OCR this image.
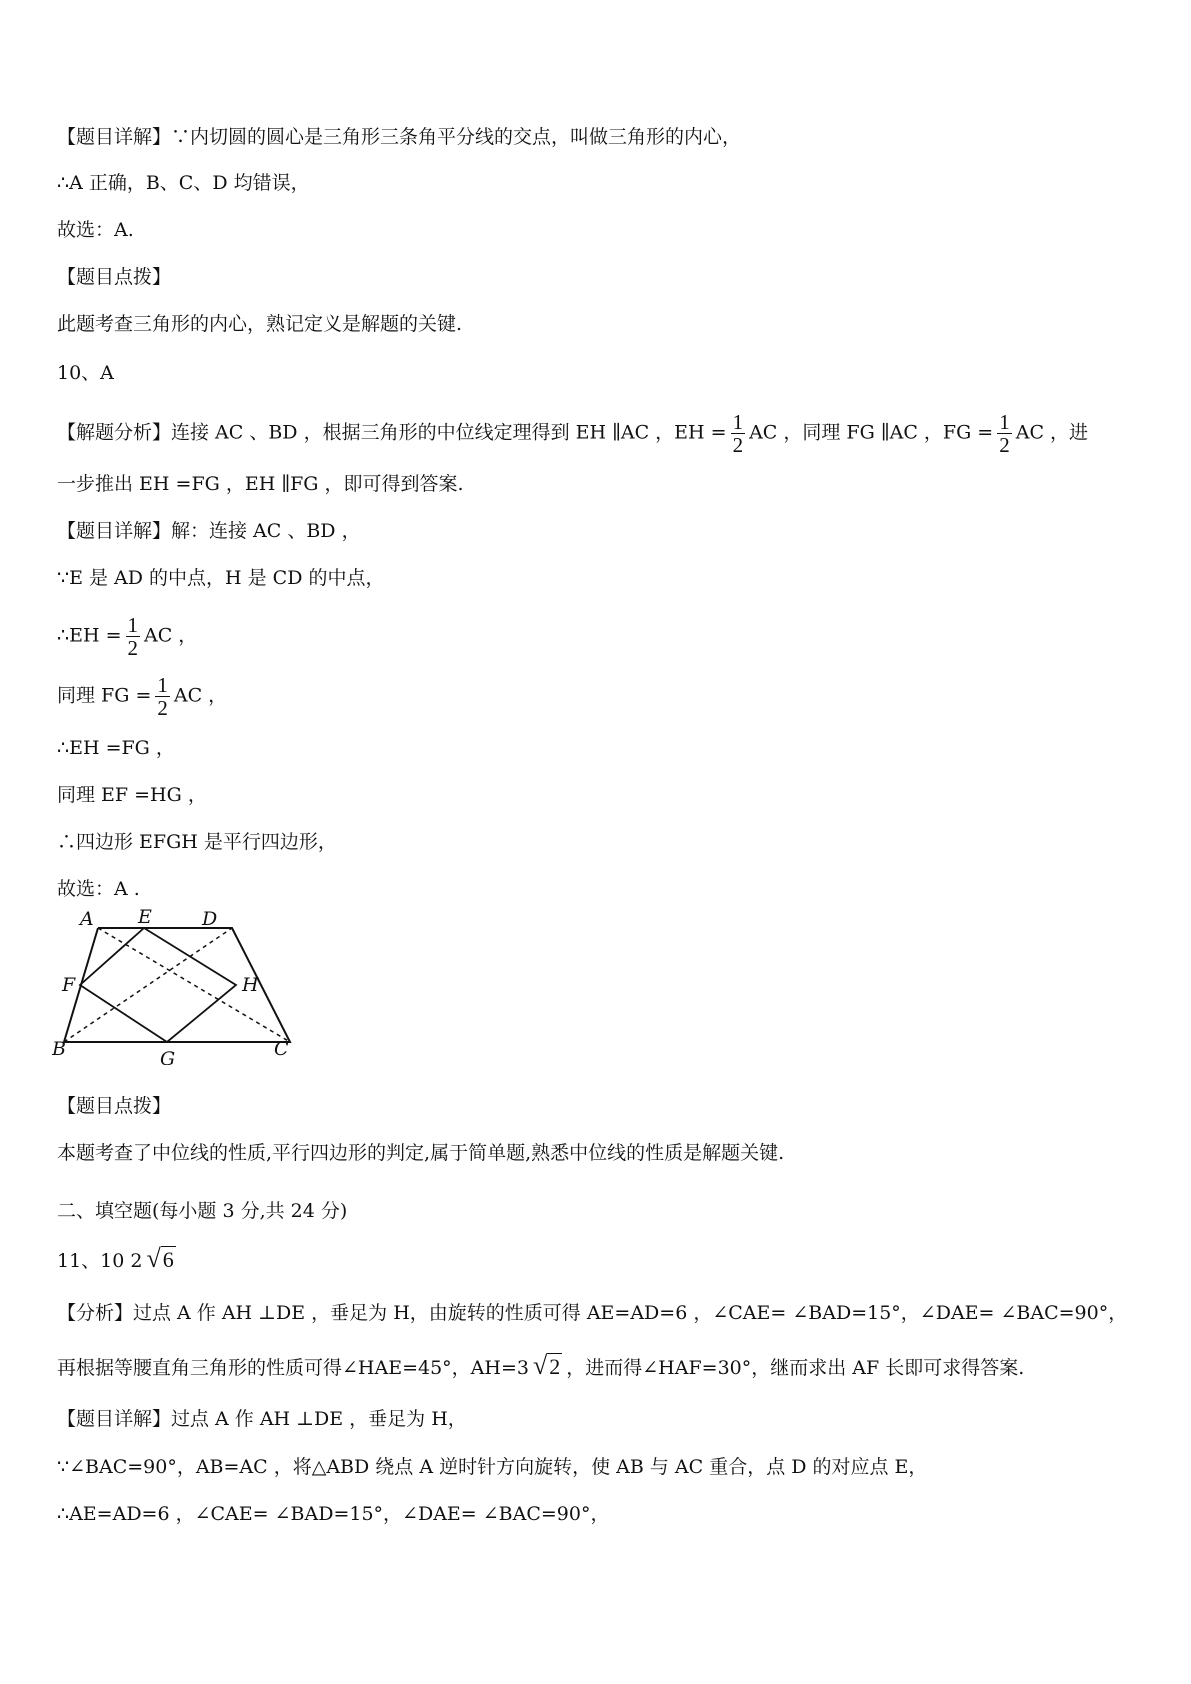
【题目详解】∵内切圆的圆心是三角形三条角平分线的交点，叫做三角形的内心，
∴A 正确，B、C、D 均错误，
故选：A.
【题目点拨】
此题考查三角形的内心，熟记定义是解题的关键.
10、A
【解题分析】连接 AC 、BD ，根据三角形的中位线定理得到 EH ∥AC ，EH = $\frac{1}{2}$ AC ，同理 FG ∥AC ，FG = $\frac{1}{2}$ AC ，进
一步推出 EH =FG ，EH ∥FG ，即可得到答案.
【题目详解】解：连接 AC 、BD ，
∵E 是 AD 的中点，H 是 CD 的中点，
∴EH = $\frac{1}{2}$ AC ，
同理 FG = $\frac{1}{2}$ AC ，
∴EH =FG ，
同理 EF =HG ，
∴四边形 EFGH 是平行四边形，
故选：A .
A E	D
F	H
B	G	C
【题目点拨】
本题考查了中位线的性质,平行四边形的判定,属于简单题,熟悉中位线的性质是解题关键.
二、填空题(每小题 3 分,共 24 分)
11、10 2 √6
【分析】过点 A 作 AH ⊥DE ，垂足为 H，由旋转的性质可得 AE=AD=6 ，∠CAE= ∠BAD=15°，∠DAE= ∠BAC=90°，
再根据等腰直角三角形的性质可得∠HAE=45°，AH=3 √2 ，进而得∠HAF=30°，继而求出 AF 长即可求得答案.
【题目详解】过点 A 作 AH ⊥DE ，垂足为 H，
∵∠BAC=90°，AB=AC ，将△ABD 绕点 A 逆时针方向旋转，使 AB 与 AC 重合，点 D 的对应点 E，
∴AE=AD=6 ，∠CAE= ∠BAD=15°，∠DAE= ∠BAC=90°，
